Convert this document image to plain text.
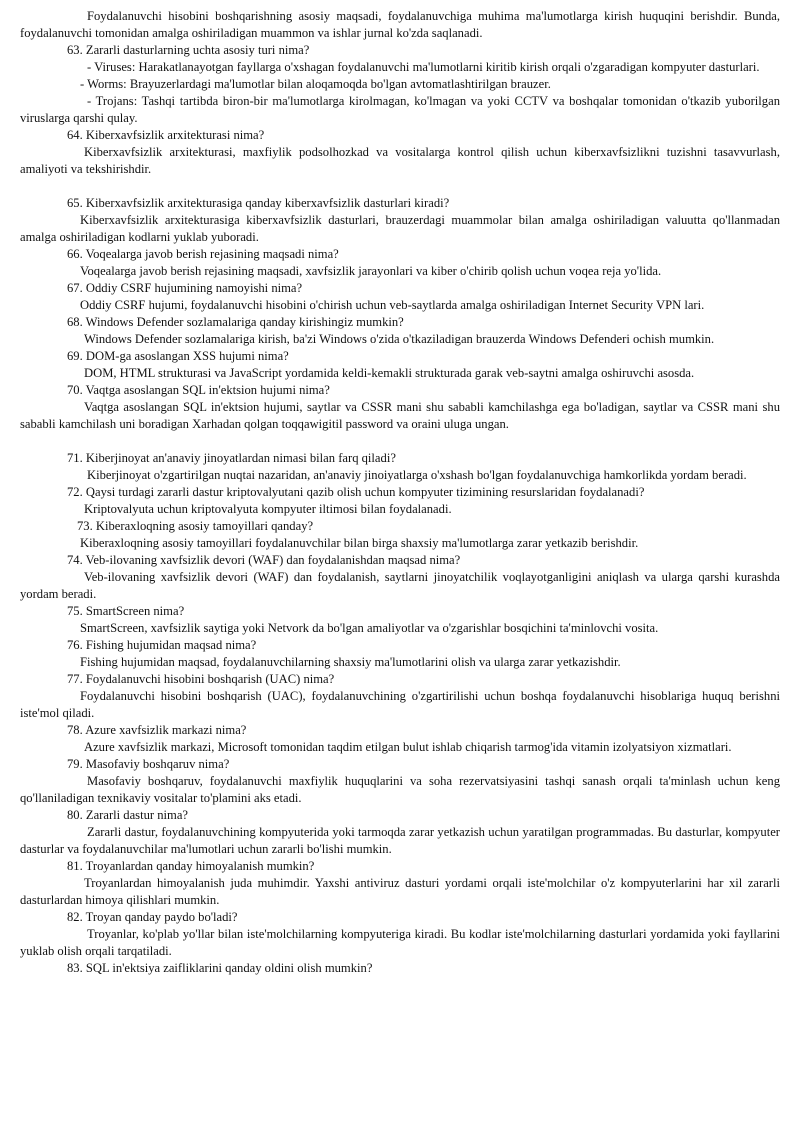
Foydalanuvchi hisobini boshqarishning asosiy maqsadi, foydalanuvchiga muhima ma'lumotlarga kirish huquqini berishdir. Bunda, foydalanuvchi tomonidan amalga oshiriladigan muammon va ishlar jurnal ko'zda saqlanadi.

63. Zararli dasturlarning uchta asosiy turi nima?

- Viruses: Harakatlanayotgan fayllarga o'xshagan foydalanuvchi ma'lumotlarni kiritib kirish orqali o'zgaradigan kompyuter dasturlari.

- Worms: Brayuzerlardagi ma'lumotlar bilan aloqamoqda bo'lgan avtomatlashtirilgan brauzer.

- Trojans: Tashqi tartibda biron-bir ma'lumotlarga kirolmagan, ko'lmagan va yoki CCTV va boshqalar tomonidan o'tkazib yuborilgan viruslarga qarshi qulay.

64. Kiberxavfsizlik arxitekturasi nima?

Kiberxavfsizlik arxitekturasi, maxfiylik podsolhozkad va vositalarga kontrol qilish uchun kiberxavfsizlikni tuzishni tasavvurlash, amaliyoti va tekshirishdir.

65. Kiberxavfsizlik arxitekturasiga qanday kiberxavfsizlik dasturlari kiradi?

Kiberxavfsizlik arxitekturasiga kiberxavfsizlik dasturlari, brauzerdagi muammolar bilan amalga oshiriladigan valuutta qo'llanmadan amalga oshiriladigan kodlarni yuklab yuboradi.

66. Voqealarga javob berish rejasining maqsadi nima?

Voqealarga javob berish rejasining maqsadi, xavfsizlik jarayonlari va kiber o'chirib qolish uchun voqea reja yo'lida.

67. Oddiy CSRF hujumining namoyishi nima?

Oddiy CSRF hujumi, foydalanuvchi hisobini o'chirish uchun veb-saytlarda amalga oshiriladigan Internet Security VPN lari.

68. Windows Defender sozlamalariga qanday kirishingiz mumkin?

Windows Defender sozlamalariga kirish, ba'zi Windows o'zida o'tkaziladigan brauzerda Windows Defenderi ochish mumkin.

69. DOM-ga asoslangan XSS hujumi nima?

DOM, HTML strukturasi va JavaScript yordamida keldi-kemakli strukturada garak veb-saytni amalga oshiruvchi asosda.

70. Vaqtga asoslangan SQL in'ektsion hujumi nima?

Vaqtga asoslangan SQL in'ektsion hujumi, saytlar va CSSR mani shu sababli kamchilashga ega bo'ladigan, saytlar va CSSR mani shu sababli kamchilash uni boradigan Xarhadan qolgan toqqawigitil password va oraini uluga ungan.

71. Kiberjinoyat an'anaviy jinoyatlardan nimasi bilan farq qiladi?

Kiberjinoyat o'zgartirilgan nuqtai nazaridan, an'anaviy jinoiyatlarga o'xshash bo'lgan foydalanuvchiga hamkorlikda yordam beradi.

72. Qaysi turdagi zararli dastur kriptovalyutani qazib olish uchun kompyuter tizimining resurslaridan foydalanadi?

Kriptovalyuta uchun kriptovalyuta kompyuter iltimosi bilan foydalanadi.

73. Kiberaxloqning asosiy tamoyillari qanday?

Kiberaxloqning asosiy tamoyillari foydalanuvchilar bilan birga shaxsiy ma'lumotlarga zarar yetkazib berishdir.

74. Veb-ilovaning xavfsizlik devori (WAF) dan foydalanishdan maqsad nima?

Veb-ilovaning xavfsizlik devori (WAF) dan foydalanish, saytlarni jinoyatchilik voqlayotganligini aniqlash va ularga qarshi kurashda yordam beradi.

75. SmartScreen nima?

SmartScreen, xavfsizlik saytiga yoki Netvork da bo'lgan amaliyotlar va o'zgarishlar bosqichini ta'minlovchi vosita.

76. Fishing hujumidan maqsad nima?

Fishing hujumidan maqsad, foydalanuvchilarning shaxsiy ma'lumotlarini olish va ularga zarar yetkazishdir.

77. Foydalanuvchi hisobini boshqarish (UAC) nima?

Foydalanuvchi hisobini boshqarish (UAC), foydalanuvchining o'zgartirilishi uchun boshqa foydalanuvchi hisoblariga huquq berishni iste'mol qiladi.

78. Azure xavfsizlik markazi nima?

Azure xavfsizlik markazi, Microsoft tomonidan taqdim etilgan bulut ishlab chiqarish tarmog'ida vitamin izolyatsiyon xizmatlari.

79. Masofaviy boshqaruv nima?

Masofaviy boshqaruv, foydalanuvchi maxfiylik huquqlarini va soha rezervatsiyasini tashqi sanash orqali ta'minlash uchun keng qo'llaniladigan texnikaviy vositalar to'plamini aks etadi.

80. Zararli dastur nima?

Zararli dastur, foydalanuvchining kompyuterida yoki tarmoqda zarar yetkazish uchun yaratilgan programmadas. Bu dasturlar, kompyuter dasturlar va foydalanuvchilar ma'lumotlari uchun zararli bo'lishi mumkin.

81. Troyanlardan qanday himoyalanish mumkin?

Troyanlardan himoyalanish juda muhimdir. Yaxshi antiviruz dasturi yordami orqali iste'molchilar o'z kompyuterlarini har xil zararli dasturlardan himoya qilishlari mumkin.

82. Troyan qanday paydo bo'ladi?

Troyanlar, ko'plab yo'llar bilan iste'molchilarning kompyuteriga kiradi. Bu kodlar iste'molchilarning dasturlari yordamida yoki fayllarini yuklab olish orqali tarqatiladi.

83. SQL in'ektsiya zaifliklarini qanday oldini olish mumkin?
